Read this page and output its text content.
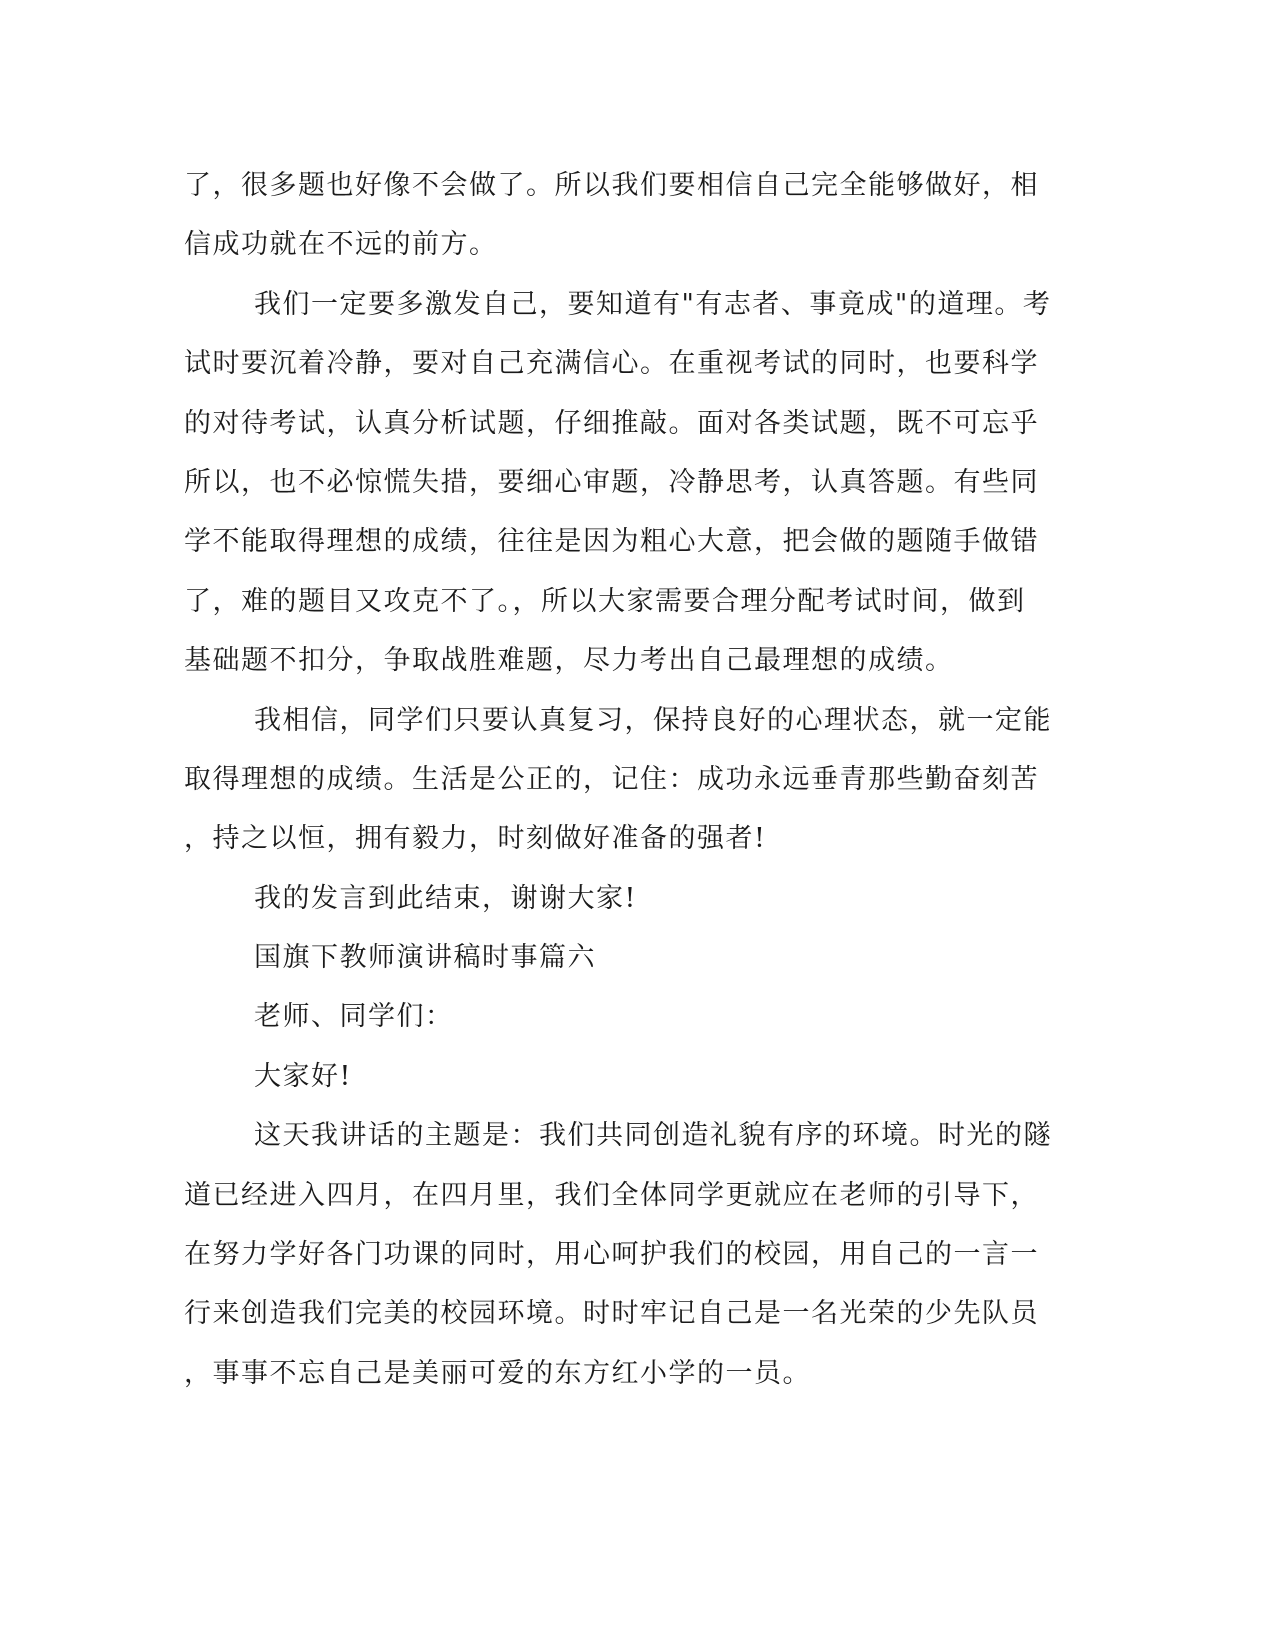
了，很多题也好像不会做了。所以我们要相信自己完全能够做好，相
信成功就在不远的前方。
我们一定要多激发自己，要知道有"有志者、事竟成"的道理。考
试时要沉着冷静，要对自己充满信心。在重视考试的同时，也要科学
的对待考试，认真分析试题，仔细推敲。面对各类试题，既不可忘乎
所以，也不必惊慌失措，要细心审题，冷静思考，认真答题。有些同
学不能取得理想的成绩，往往是因为粗心大意，把会做的题随手做错
了，难的题目又攻克不了。，所以大家需要合理分配考试时间，做到
基础题不扣分，争取战胜难题，尽力考出自己最理想的成绩。
我相信，同学们只要认真复习，保持良好的心理状态，就一定能
取得理想的成绩。生活是公正的，记住：成功永远垂青那些勤奋刻苦
，持之以恒，拥有毅力，时刻做好准备的强者!
我的发言到此结束，谢谢大家!
国旗下教师演讲稿时事篇六
老师、同学们：
大家好!
这天我讲话的主题是：我们共同创造礼貌有序的环境。时光的隧
道已经进入四月，在四月里，我们全体同学更就应在老师的引导下，
在努力学好各门功课的同时，用心呵护我们的校园，用自己的一言一
行来创造我们完美的校园环境。时时牢记自己是一名光荣的少先队员
，事事不忘自己是美丽可爱的东方红小学的一员。
